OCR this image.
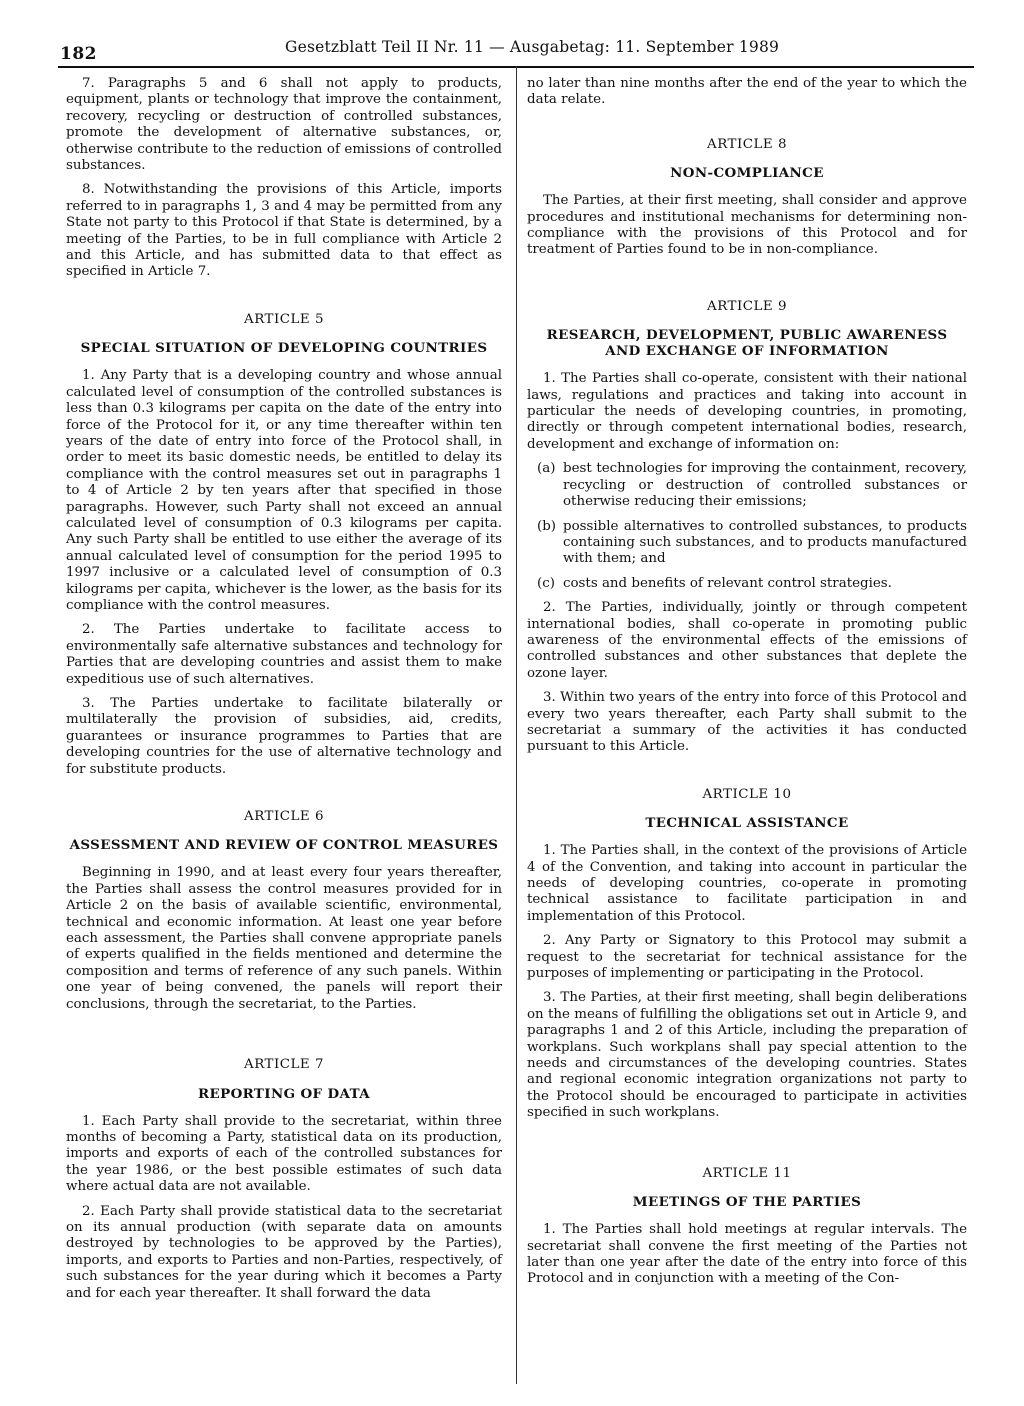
182	Gesetzblatt Teil II Nr. 11 — Ausgabetag: 11. September 1989

7. Paragraphs 5 and 6 shall not apply to products, equipment, plants or technology that improve the containment, recovery, recycling or destruction of controlled substances, promote the development of alternative substances, or, otherwise contribute to the reduction of emissions of controlled substances.

8. Notwithstanding the provisions of this Article, imports referred to in paragraphs 1, 3 and 4 may be permitted from any State not party to this Protocol if that State is determined, by a meeting of the Parties, to be in full compliance with Article 2 and this Article, and has submitted data to that effect as specified in Article 7.

ARTICLE 5
SPECIAL SITUATION OF DEVELOPING COUNTRIES

1. Any Party that is a developing country and whose annual calculated level of consumption of the controlled substances is less than 0.3 kilograms per capita on the date of the entry into force of the Protocol for it, or any time thereafter within ten years of the date of entry into force of the Protocol shall, in order to meet its basic domestic needs, be entitled to delay its compliance with the control measures set out in paragraphs 1 to 4 of Article 2 by ten years after that specified in those paragraphs. However, such Party shall not exceed an annual calculated level of consumption of 0.3 kilograms per capita. Any such Party shall be entitled to use either the average of its annual calculated level of consumption for the period 1995 to 1997 inclusive or a calculated level of consumption of 0.3 kilograms per capita, whichever is the lower, as the basis for its compliance with the control measures.

2. The Parties undertake to facilitate access to environmentally safe alternative substances and technology for Parties that are developing countries and assist them to make expeditious use of such alternatives.

3. The Parties undertake to facilitate bilaterally or multilaterally the provision of subsidies, aid, credits, guarantees or insurance programmes to Parties that are developing countries for the use of alternative technology and for substitute products.

ARTICLE 6
ASSESSMENT AND REVIEW OF CONTROL MEASURES

Beginning in 1990, and at least every four years thereafter, the Parties shall assess the control measures provided for in Article 2 on the basis of available scientific, environmental, technical and economic information. At least one year before each assessment, the Parties shall convene appropriate panels of experts qualified in the fields mentioned and determine the composition and terms of reference of any such panels. Within one year of being convened, the panels will report their conclusions, through the secretariat, to the Parties.

ARTICLE 7
REPORTING OF DATA

1. Each Party shall provide to the secretariat, within three months of becoming a Party, statistical data on its production, imports and exports of each of the controlled substances for the year 1986, or the best possible estimates of such data where actual data are not available.

2. Each Party shall provide statistical data to the secretariat on its annual production (with separate data on amounts destroyed by technologies to be approved by the Parties), imports, and exports to Parties and non-Parties, respectively, of such substances for the year during which it becomes a Party and for each year thereafter. It shall forward the data

no later than nine months after the end of the year to which the data relate.

ARTICLE 8
NON-COMPLIANCE

The Parties, at their first meeting, shall consider and approve procedures and institutional mechanisms for determining non-compliance with the provisions of this Protocol and for treatment of Parties found to be in non-compliance.

ARTICLE 9
RESEARCH, DEVELOPMENT, PUBLIC AWARENESS
AND EXCHANGE OF INFORMATION

1. The Parties shall co-operate, consistent with their national laws, regulations and practices and taking into account in particular the needs of developing countries, in promoting, directly or through competent international bodies, research, development and exchange of information on:

(a) best technologies for improving the containment, recovery, recycling or destruction of controlled substances or otherwise reducing their emissions;
(b) possible alternatives to controlled substances, to products containing such substances, and to products manufactured with them; and
(c) costs and benefits of relevant control strategies.

2. The Parties, individually, jointly or through competent international bodies, shall co-operate in promoting public awareness of the environmental effects of the emissions of controlled substances and other substances that deplete the ozone layer.

3. Within two years of the entry into force of this Protocol and every two years thereafter, each Party shall submit to the secretariat a summary of the activities it has conducted pursuant to this Article.

ARTICLE 10
TECHNICAL ASSISTANCE

1. The Parties shall, in the context of the provisions of Article 4 of the Convention, and taking into account in particular the needs of developing countries, co-operate in promoting technical assistance to facilitate participation in and implementation of this Protocol.

2. Any Party or Signatory to this Protocol may submit a request to the secretariat for technical assistance for the purposes of implementing or participating in the Protocol.

3. The Parties, at their first meeting, shall begin deliberations on the means of fulfilling the obligations set out in Article 9, and paragraphs 1 and 2 of this Article, including the preparation of workplans. Such workplans shall pay special attention to the needs and circumstances of the developing countries. States and regional economic integration organizations not party to the Protocol should be encouraged to participate in activities specified in such workplans.

ARTICLE 11
MEETINGS OF THE PARTIES

1. The Parties shall hold meetings at regular intervals. The secretariat shall convene the first meeting of the Parties not later than one year after the date of the entry into force of this Protocol and in conjunction with a meeting of the Con-
